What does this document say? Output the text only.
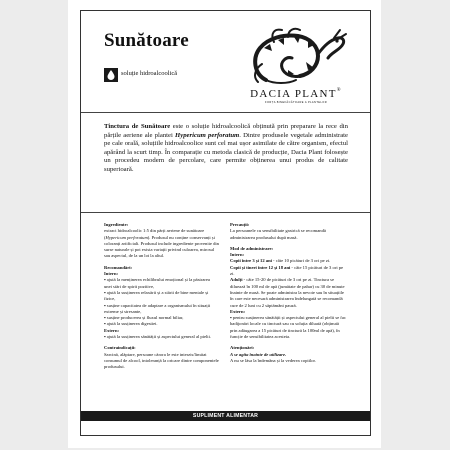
Sunătoare
soluție hidroalcoolică
DACIA PLANT®
FORȚA BINEFĂCĂTOARE A PLANTELOR
Tinctura de Sunătoare este o soluție hidroalcoolică obținută prin preparare la rece din părțile aeriene ale plantei Hypericum perforatum. Dintre produsele vegetale administrate pe cale orală, soluțiile hidroalcoolice sunt cel mai ușor asimilate de către organism, efectul apărând la scurt timp. În comparație cu metoda clasică de producție, Dacia Plant folosește un procedeu modern de percolare, care permite obținerea unui produs de calitate superioară.

Ingrediente:

extract hidroalcoolic 1:5 din părți aeriene de sunătoare (Hypericum perforatum). Produsul nu conține conservanți și coloranți artificiali. Produsul include ingrediente provenite din surse naturale și pot exista variații privind culoarea, mirosul sau aspectul, de la un lot la altul.

Recomandări:

Intern:

▪ ajută la menținerea echilibrului emoțional și la păstrarea unei stări de spirit pozitive,

▪ ajută la susținerea relaxării și a stării de bine mentale și fizice,

▪ susține capacitatea de adaptare a organismului în situații extreme și stresante,

▪ susține producerea și fluxul normal biliar,

▪ ajută la susținerea digestiei.

Extern:

▪ ajută la susținerea sănătății și aspectului general al pielii.

Contraindicații:

Sarcină, alăptare, persoane cărora le este interzis/limitat consumul de alcool, intoleranță la oricare dintre componentele produsului.

Precauții:

La persoanele cu sensibilitate gastrică se recomandă administrarea produsului după masă.

Mod de administrare:

Intern:

Copii între 3 și 12 ani - câte 10 picături de 3 ori pe zi.

Copii și tineri între 12 și 18 ani - câte 15 picături de 3 ori pe zi.

Adulți - câte 15-20 de picături de 3 ori pe zi. Tinctura se diluează în 100 ml de apă (jumătate de pahar) cu 30 de minute înainte de masă. Se poate administra la nevoie sau în situațiile în care este necesară administrarea îndelungată se recomandă cure de 2 luni cu 2 săptămâni pauză.

Extern:

▪ pentru susținerea sănătății și aspectului general al pielii se fac badijonări locale cu tinctură sau cu soluția diluată (obținută prin adăugarea a 15 picături de tinctură la 100ml de apă), în funcție de sensibilitatea acesteia.

Atenționări:

A se agita înainte de utilizare.

A nu se lăsa la îndemâna și la vederea copiilor.

SUPLIMENT ALIMENTAR
